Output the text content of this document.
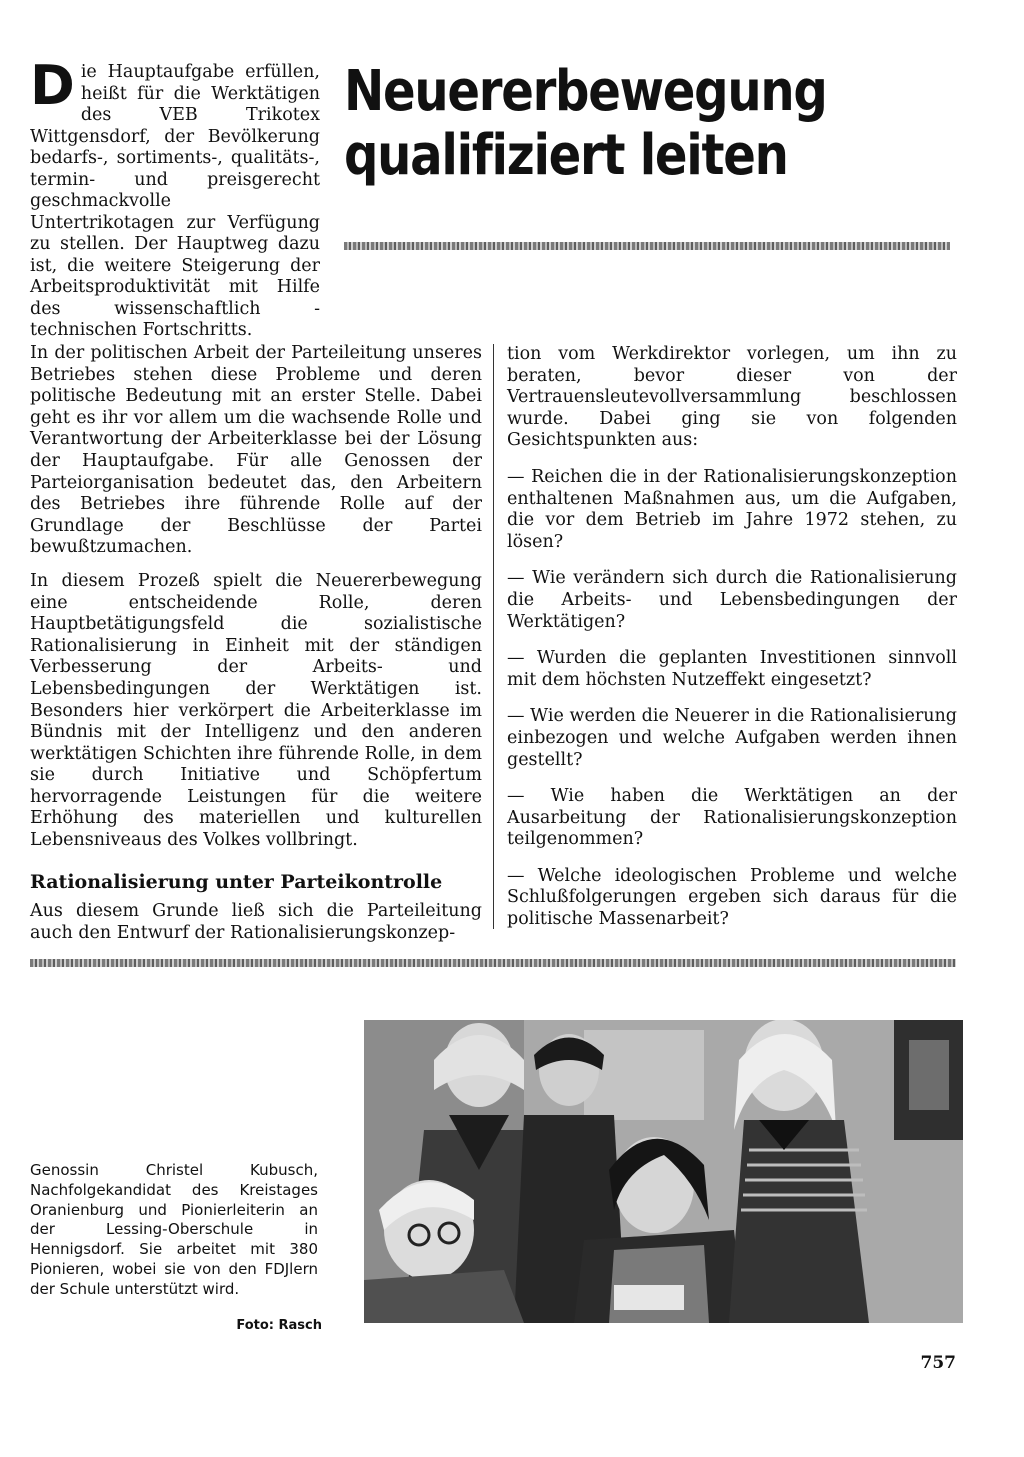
D ie Hauptaufgabe erfüllen, heißt für die Werktätigen des VEB Trikotex Wittgensdorf, der Bevölkerung bedarfs-, sortiments-, qualitäts-, termin- und preisgerecht geschmackvolle Untertrikotagen zur Verfügung zu stellen. Der Hauptweg dazu ist, die weitere Steigerung der Arbeitsproduktivität mit Hilfe des wissenschaftlich - technischen Fortschritts.

Neuererbewegung
qualifiziert leiten

In der politischen Arbeit der Parteileitung unseres Betriebes stehen diese Probleme und deren politische Bedeutung mit an erster Stelle. Dabei geht es ihr vor allem um die wachsende Rolle und Verantwortung der Arbeiterklasse bei der Lösung der Hauptaufgabe. Für alle Genossen der Parteiorganisation bedeutet das, den Arbeitern des Betriebes ihre führende Rolle auf der Grundlage der Beschlüsse der Partei bewußtzumachen.

In diesem Prozeß spielt die Neuererbewegung eine entscheidende Rolle, deren Hauptbetätigungsfeld die sozialistische Rationalisierung in Einheit mit der ständigen Verbesserung der Arbeits- und Lebensbedingungen der Werktätigen ist. Besonders hier verkörpert die Arbeiterklasse im Bündnis mit der Intelligenz und den anderen werktätigen Schichten ihre führende Rolle, in dem sie durch Initiative und Schöpfertum hervorragende Leistungen für die weitere Erhöhung des materiellen und kulturellen Lebensniveaus des Volkes vollbringt.

Rationalisierung unter Parteikontrolle

Aus diesem Grunde ließ sich die Parteileitung auch den Entwurf der Rationalisierungskonzep-

tion vom Werkdirektor vorlegen, um ihn zu beraten, bevor dieser von der Vertrauensleutevollversammlung beschlossen wurde. Dabei ging sie von folgenden Gesichtspunkten aus:

— Reichen die in der Rationalisierungskonzeption enthaltenen Maßnahmen aus, um die Aufgaben, die vor dem Betrieb im Jahre 1972 stehen, zu lösen?

— Wie verändern sich durch die Rationalisierung die Arbeits- und Lebensbedingungen der Werktätigen?

— Wurden die geplanten Investitionen sinnvoll mit dem höchsten Nutzeffekt eingesetzt?

— Wie werden die Neuerer in die Rationalisierung einbezogen und welche Aufgaben werden ihnen gestellt?

— Wie haben die Werktätigen an der Ausarbeitung der Rationalisierungskonzeption teilgenommen?

— Welche ideologischen Probleme und welche Schlußfolgerungen ergeben sich daraus für die politische Massenarbeit?

Genossin Christel Kubusch, Nachfolgekandidat des Kreistages Oranienburg und Pionierleiterin an der Lessing-Oberschule in Hennigsdorf. Sie arbeitet mit 380 Pionieren, wobei sie von den FDJlern der Schule unterstützt wird.
Foto: Rasch
757
